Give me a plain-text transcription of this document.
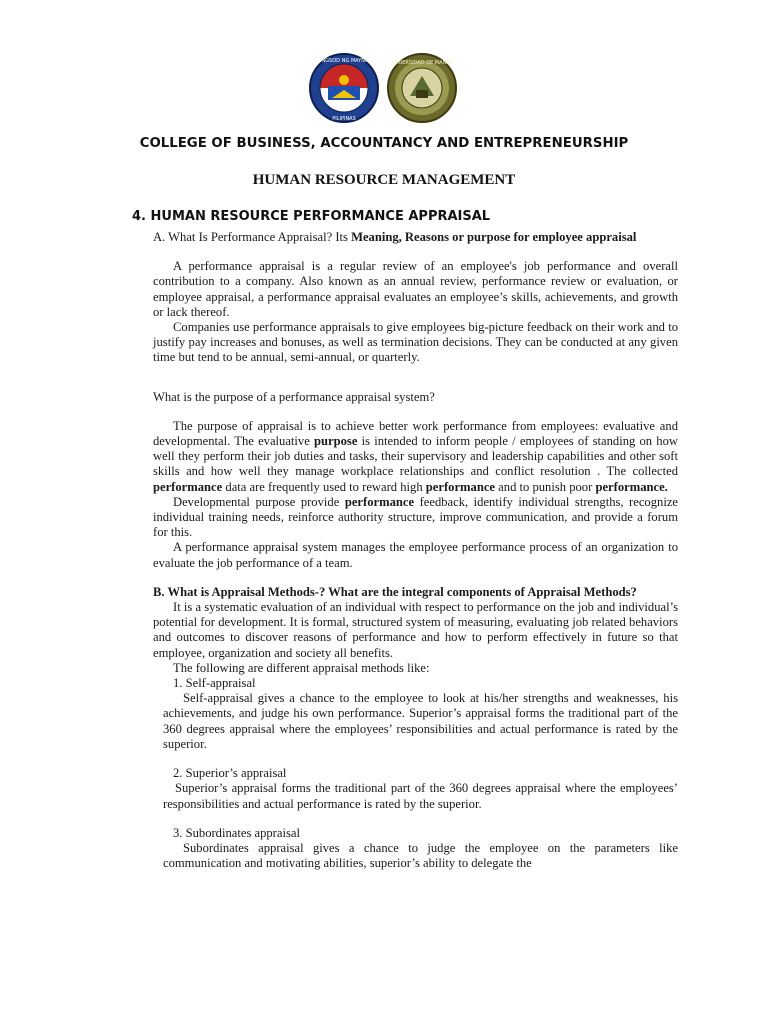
LUNGSOD NG MAYNILA
PILIPINAS
UNIBERSIDAD DE MANILA
COLLEGE OF BUSINESS, ACCOUNTANCY AND ENTREPRENEURSHIP
HUMAN RESOURCE MANAGEMENT
4. HUMAN RESOURCE PERFORMANCE APPRAISAL

A. What Is Performance Appraisal? Its Meaning, Reasons or purpose for employee appraisal

A performance appraisal is a regular review of an employee's job performance and overall contribution to a company. Also known as an annual review, performance review or evaluation, or employee appraisal, a performance appraisal evaluates an employee’s skills, achievements, and growth or lack thereof.

Companies use performance appraisals to give employees big-picture feedback on their work and to justify pay increases and bonuses, as well as termination decisions. They can be conducted at any given time but tend to be annual, semi-annual, or quarterly.

What is the purpose of a performance appraisal system?

The purpose of appraisal is to achieve better work performance from employees: evaluative and developmental. The evaluative purpose is intended to inform people / employees of standing on how well they perform their job duties and tasks, their supervisory and leadership capabilities and other soft skills and how well they manage workplace relationships and conflict resolution . The collected performance data are frequently used to reward high performance and to punish poor performance.

Developmental purpose provide performance feedback, identify individual strengths, recognize individual training needs, reinforce authority structure, improve communication, and provide a forum for this.

A performance appraisal system manages the employee performance process of an organization to evaluate the job performance of a team.

B. What is Appraisal Methods-? What are the integral components of Appraisal Methods?

It is a systematic evaluation of an individual with respect to performance on the job and individual’s potential for development. It is formal, structured system of measuring, evaluating job related behaviors and outcomes to discover reasons of performance and how to perform effectively in future so that employee, organization and society all benefits.

The following are different appraisal methods like:

1. Self-appraisal

Self-appraisal gives a chance to the employee to look at his/her strengths and weaknesses, his achievements, and judge his own performance. Superior’s appraisal forms the traditional part of the 360 degrees appraisal where the employees’ responsibilities and actual performance is rated by the superior.

2. Superior’s appraisal

Superior’s appraisal forms the traditional part of the 360 degrees appraisal where the employees’ responsibilities and actual performance is rated by the superior.

3. Subordinates appraisal

Subordinates appraisal gives a chance to judge the employee on the parameters like communication and motivating abilities, superior’s ability to delegate the
